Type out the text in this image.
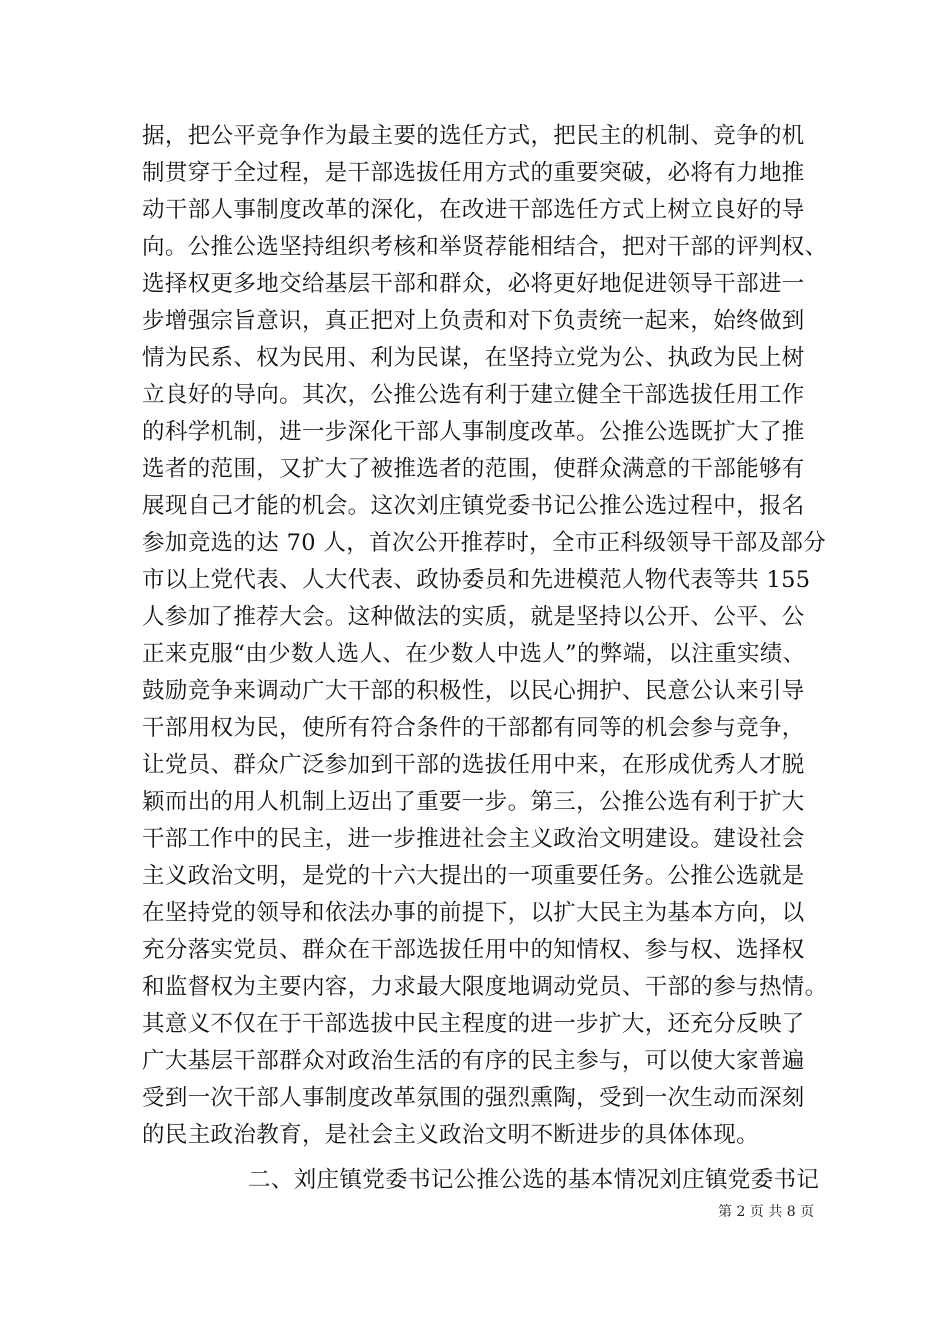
据，把公平竞争作为最主要的选任方式，把民主的机制、竞争的机
制贯穿于全过程，是干部选拔任用方式的重要突破，必将有力地推
动干部人事制度改革的深化，在改进干部选任方式上树立良好的导
向。公推公选坚持组织考核和举贤荐能相结合，把对干部的评判权、
选择权更多地交给基层干部和群众，必将更好地促进领导干部进一
步增强宗旨意识，真正把对上负责和对下负责统一起来，始终做到
情为民系、权为民用、利为民谋，在坚持立党为公、执政为民上树
立良好的导向。其次，公推公选有利于建立健全干部选拔任用工作
的科学机制，进一步深化干部人事制度改革。公推公选既扩大了推
选者的范围，又扩大了被推选者的范围，使群众满意的干部能够有
展现自己才能的机会。这次刘庄镇党委书记公推公选过程中，报名
参加竞选的达 70 人，首次公开推荐时，全市正科级领导干部及部分
市以上党代表、人大代表、政协委员和先进模范人物代表等共 155
人参加了推荐大会。这种做法的实质，就是坚持以公开、公平、公
正来克服“由少数人选人、在少数人中选人”的弊端，以注重实绩、
鼓励竞争来调动广大干部的积极性，以民心拥护、民意公认来引导
干部用权为民，使所有符合条件的干部都有同等的机会参与竞争，
让党员、群众广泛参加到干部的选拔任用中来，在形成优秀人才脱
颖而出的用人机制上迈出了重要一步。第三，公推公选有利于扩大
干部工作中的民主，进一步推进社会主义政治文明建设。建设社会
主义政治文明，是党的十六大提出的一项重要任务。公推公选就是
在坚持党的领导和依法办事的前提下，以扩大民主为基本方向，以
充分落实党员、群众在干部选拔任用中的知情权、参与权、选择权
和监督权为主要内容，力求最大限度地调动党员、干部的参与热情。
其意义不仅在于干部选拔中民主程度的进一步扩大，还充分反映了
广大基层干部群众对政治生活的有序的民主参与，可以使大家普遍
受到一次干部人事制度改革氛围的强烈熏陶，受到一次生动而深刻
的民主政治教育，是社会主义政治文明不断进步的具体体现。
二、刘庄镇党委书记公推公选的基本情况刘庄镇党委书记
第 2 页 共 8 页
